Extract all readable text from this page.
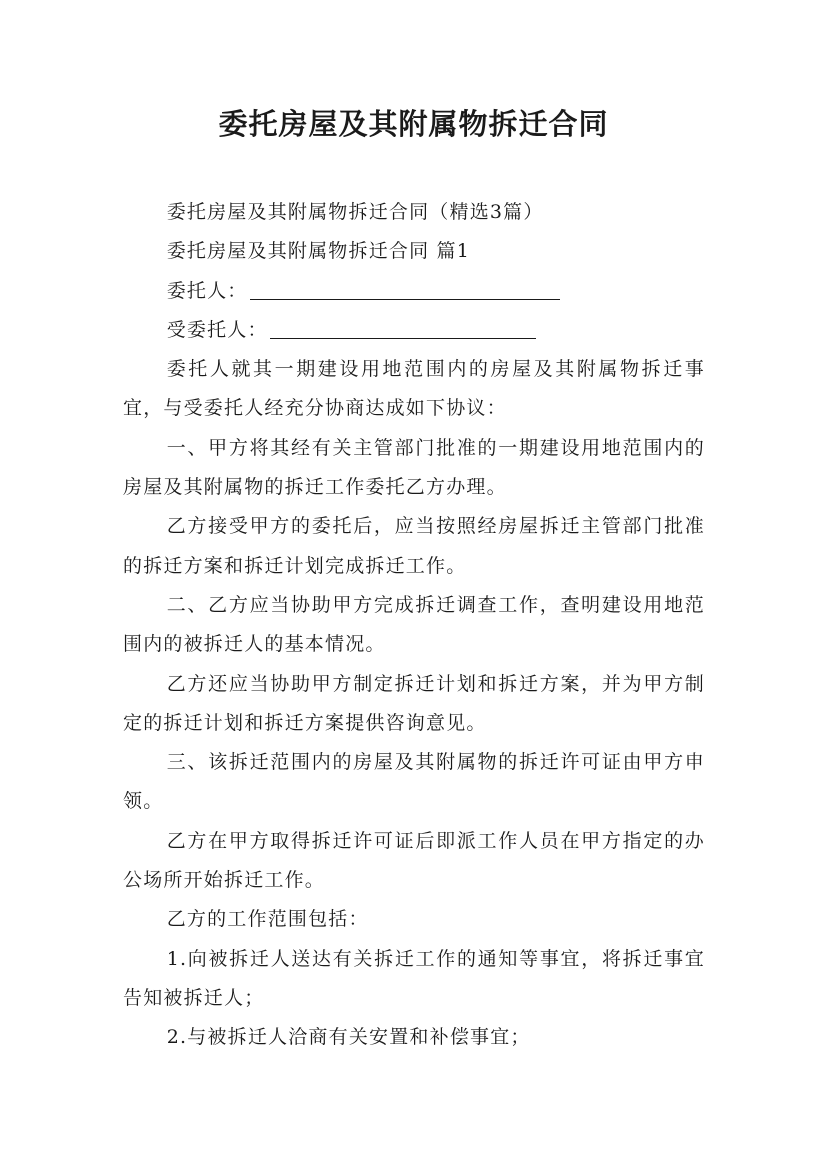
委托房屋及其附属物拆迁合同

委托房屋及其附属物拆迁合同（精选3篇）

委托房屋及其附属物拆迁合同 篇1

委托人：

受委托人：

委托人就其一期建设用地范围内的房屋及其附属物拆迁事宜，与受委托人经充分协商达成如下协议：

一、甲方将其经有关主管部门批准的一期建设用地范围内的房屋及其附属物的拆迁工作委托乙方办理。

乙方接受甲方的委托后，应当按照经房屋拆迁主管部门批准的拆迁方案和拆迁计划完成拆迁工作。

二、乙方应当协助甲方完成拆迁调查工作，查明建设用地范围内的被拆迁人的基本情况。

乙方还应当协助甲方制定拆迁计划和拆迁方案，并为甲方制定的拆迁计划和拆迁方案提供咨询意见。

三、该拆迁范围内的房屋及其附属物的拆迁许可证由甲方申领。

乙方在甲方取得拆迁许可证后即派工作人员在甲方指定的办公场所开始拆迁工作。

乙方的工作范围包括：

1.向被拆迁人送达有关拆迁工作的通知等事宜，将拆迁事宜告知被拆迁人；

2.与被拆迁人洽商有关安置和补偿事宜；
